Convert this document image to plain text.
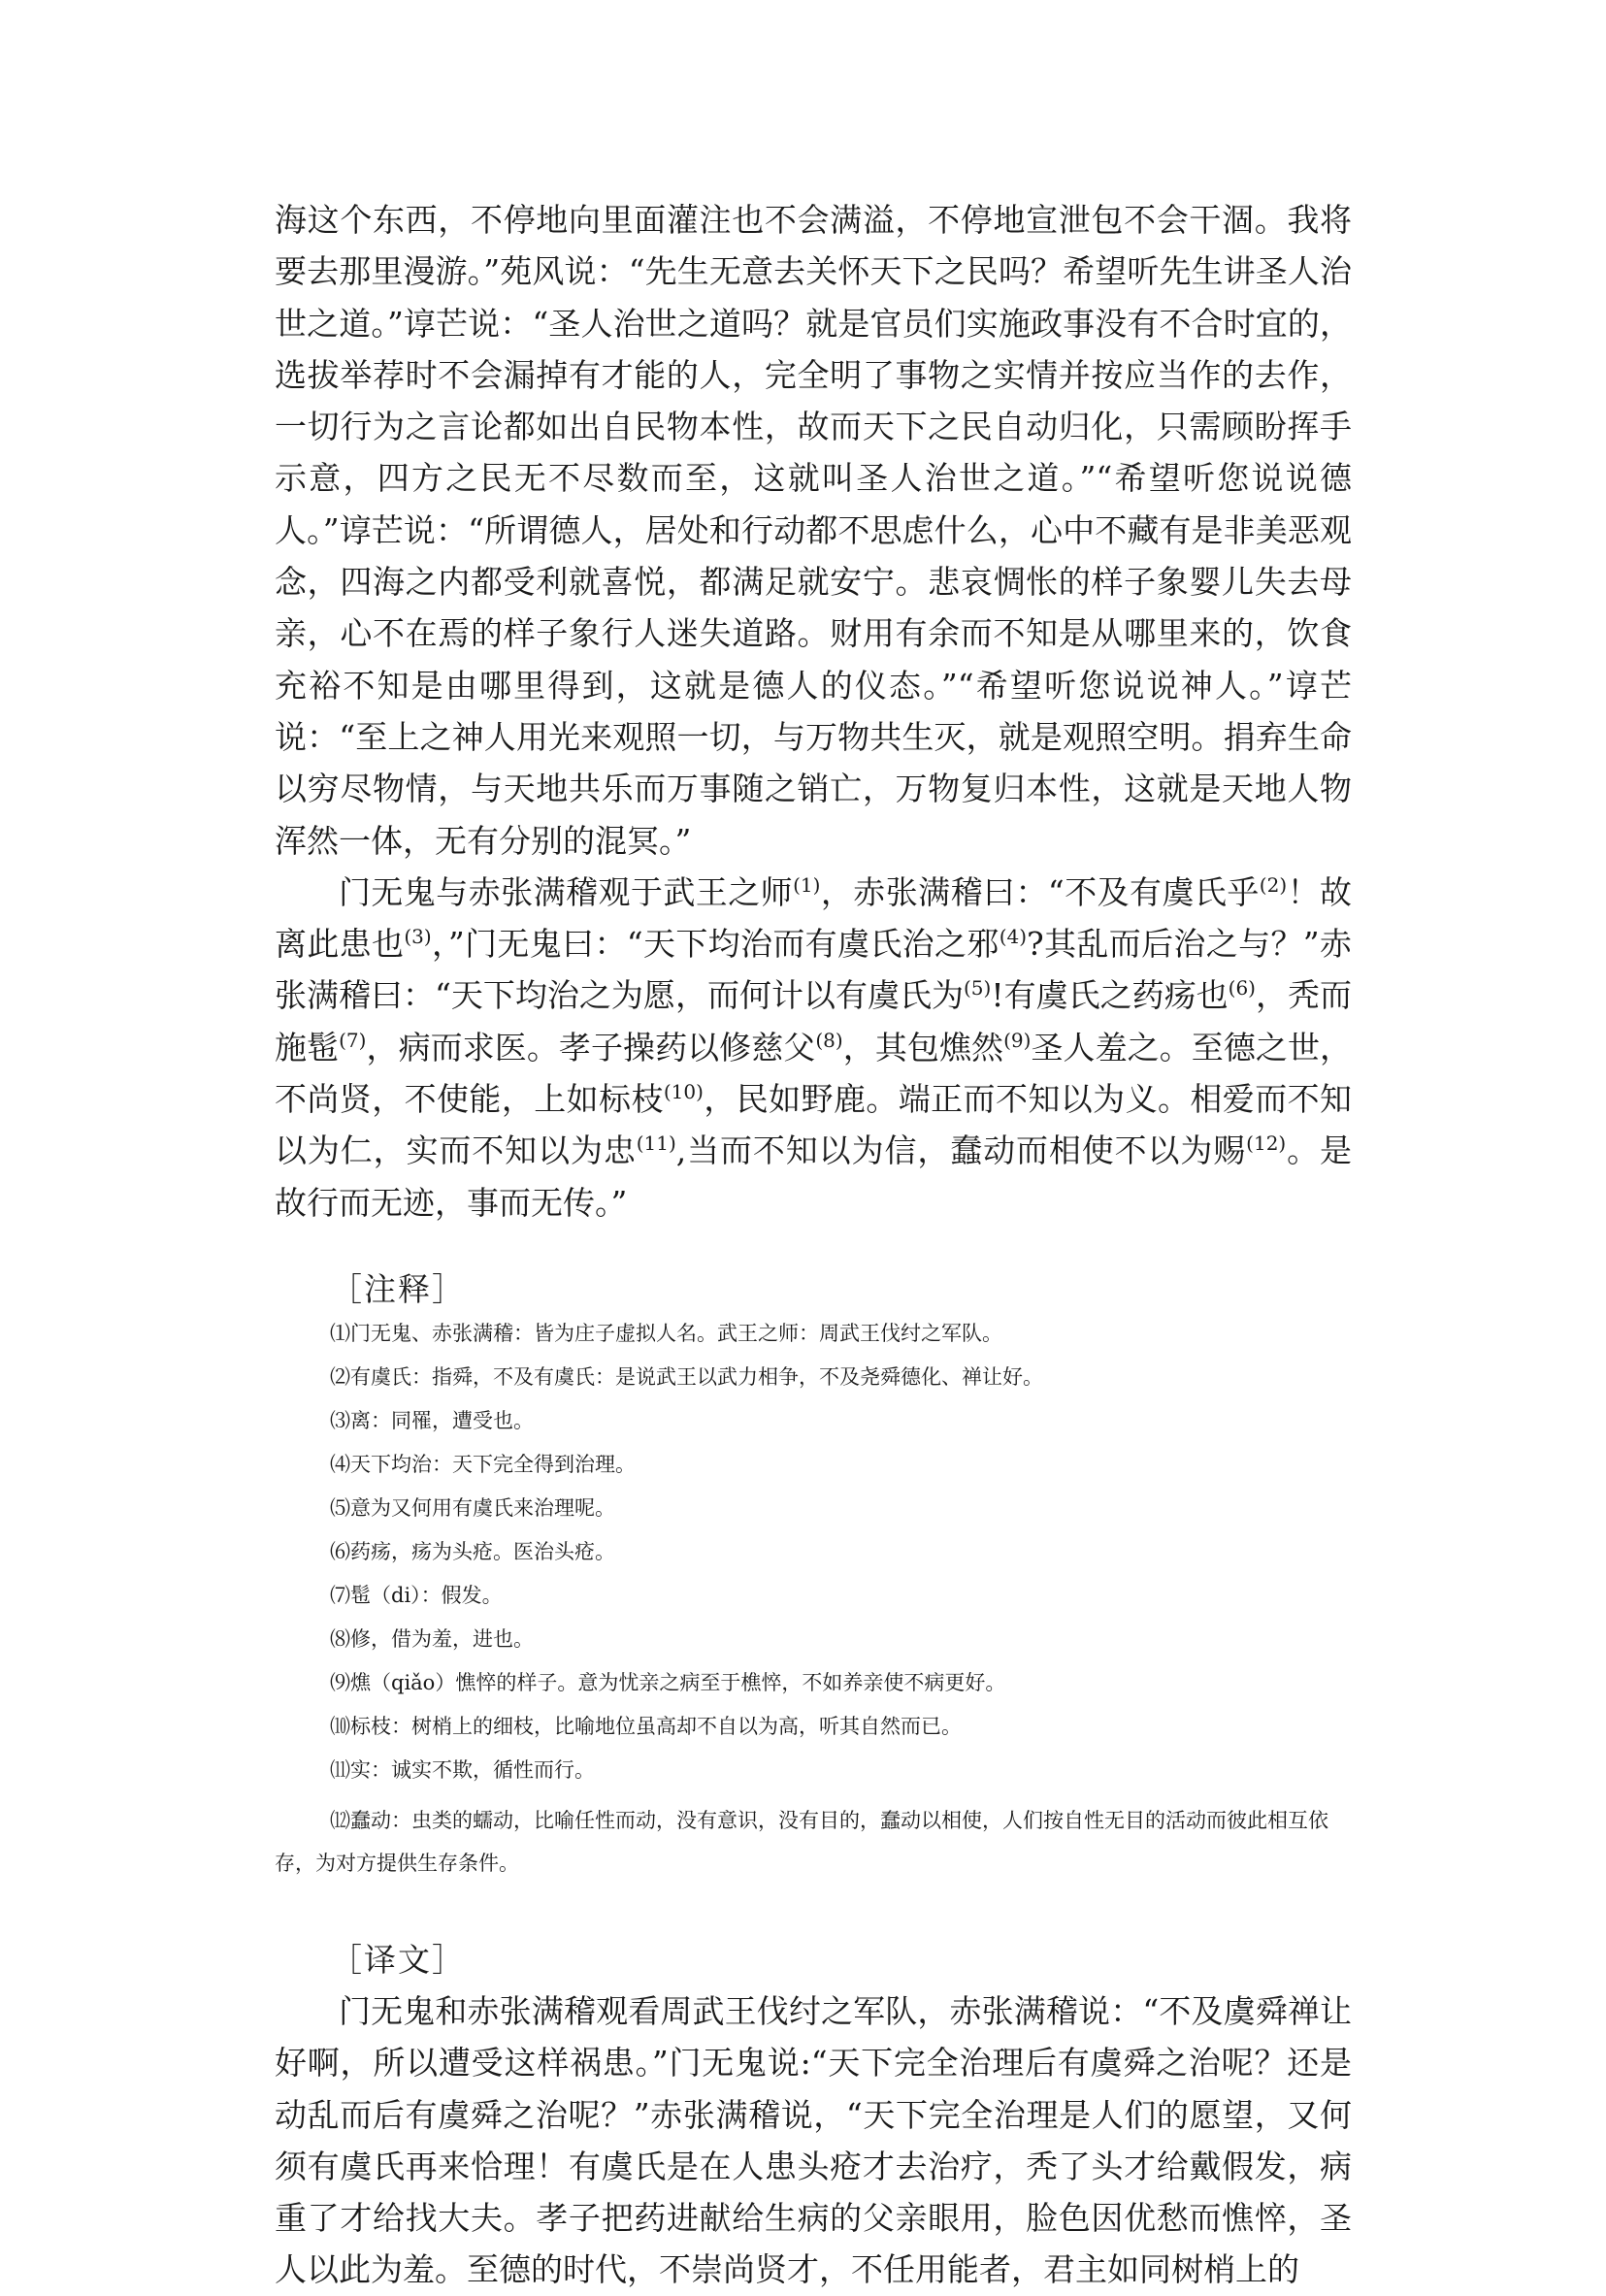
海这个东西，不停地向里面灌注也不会满溢，不停地宣泄包不会干涸。我将要去那里漫游。”苑风说：“先生无意去关怀天下之民吗？希望听先生讲圣人治世之道。”谆芒说：“圣人治世之道吗？就是官员们实施政事没有不合时宜的，选拔举荐时不会漏掉有才能的人，完全明了事物之实情并按应当作的去作，一切行为之言论都如出自民物本性，故而天下之民自动归化，只需顾盼挥手示意，四方之民无不尽数而至，这就叫圣人治世之道。”“希望听您说说德人。”谆芒说：“所谓德人，居处和行动都不思虑什么，心中不藏有是非美恶观念，四海之内都受利就喜悦，都满足就安宁。悲哀惆怅的样子象婴儿失去母亲，心不在焉的样子象行人迷失道路。财用有余而不知是从哪里来的，饮食充裕不知是由哪里得到，这就是德人的仪态。”“希望听您说说神人。”谆芒说：“至上之神人用光来观照一切，与万物共生灭，就是观照空明。捐弃生命以穷尽物情，与天地共乐而万事随之销亡，万物复归本性，这就是天地人物浑然一体，无有分别的混冥。”

门无鬼与赤张满稽观于武王之师$^{(1)}$，赤张满稽曰：“不及有虞氏乎$^{(2)}$！故离此患也$^{(3)}$，”门无鬼曰：“天下均治而有虞氏治之邪$^{(4)}$?其乱而后治之与？”赤张满稽曰：“天下均治之为愿，而何计以有虞氏为$^{(5)}$!有虞氏之药疡也$^{(6)}$，秃而施髢$^{(7)}$，病而求医。孝子操药以修慈父$^{(8)}$，其包燋然$^{(9)}$圣人羞之。至德之世，不尚贤，不使能，上如标枝$^{(10)}$，民如野鹿。端正而不知以为义。相爱而不知以为仁，实而不知以为忠$^{(11)}$,当而不知以为信，蠢动而相使不以为赐$^{(12)}$。是故行而无迹，事而无传。”

［注释］

⑴门无鬼、赤张满稽：皆为庄子虚拟人名。武王之师：周武王伐纣之军队。

⑵有虞氏：指舜，不及有虞氏：是说武王以武力相争，不及尧舜德化、禅让好。

⑶离：同罹，遭受也。

⑷天下均治：天下完全得到治理。

⑸意为又何用有虞氏来治理呢。

⑹药疡，疡为头疮。医治头疮。

⑺髢（di）：假发。

⑻修，借为羞，进也。

⑼燋（qiǎo）憔悴的样子。意为忧亲之病至于樵悴，不如养亲使不病更好。

⑽标枝：树梢上的细枝，比喻地位虽高却不自以为高，听其自然而已。

⑾实：诚实不欺，循性而行。

⑿蠢动：虫类的蠕动，比喻任性而动，没有意识，没有目的，蠢动以相使，人们按自性无目的活动而彼此相互依存，为对方提供生存条件。

［译文］

门无鬼和赤张满稽观看周武王伐纣之军队，赤张满稽说：“不及虞舜禅让好啊，所以遭受这样祸患。”门无鬼说:“天下完全治理后有虞舜之治呢？还是动乱而后有虞舜之治呢？”赤张满稽说，“天下完全治理是人们的愿望，又何须有虞氏再来恰理！有虞氏是在人患头疮才去治疗，秃了头才给戴假发，病重了才给找大夫。孝子把药进献给生病的父亲眼用，脸色因优愁而憔悴，圣人以此为羞。至德的时代，不崇尚贤才，不任用能者，君主如同树梢上的
